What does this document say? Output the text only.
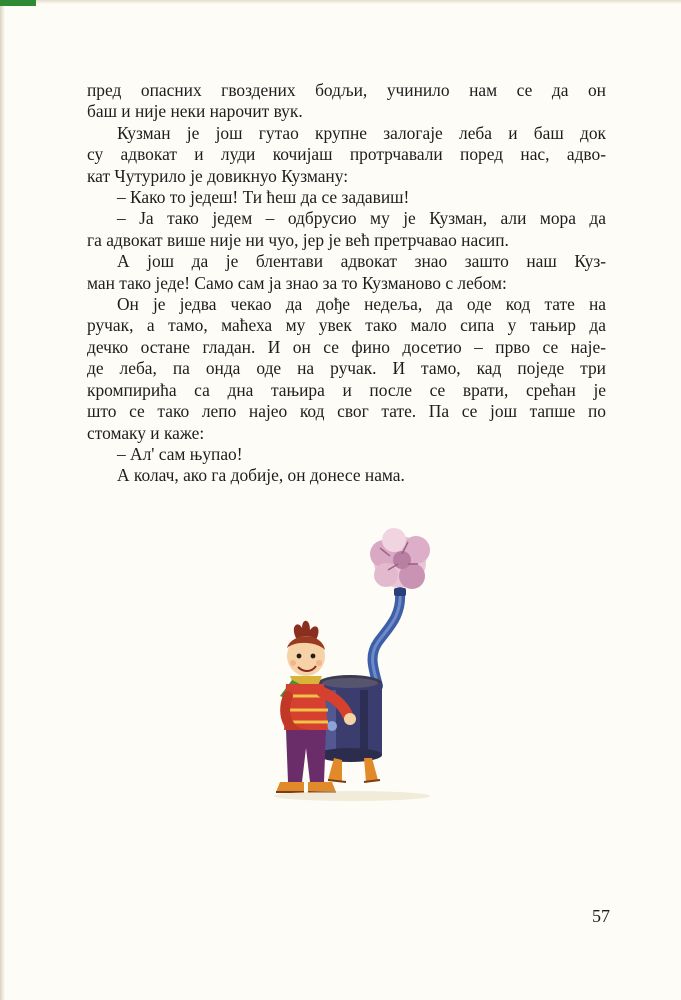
пред опасних гвоздених бодљи, учинило нам се да он
баш и није неки нарочит вук.
Кузман је још гутао крупне залогаје леба и баш док
су адвокат и луди кочијаш протрчавали поред нас, адво-
кат Чутурило је довикнуо Кузману:
– Како то једеш! Ти ћеш да се задавиш!
– Ја тако једем – одбрусио му је Кузман, али мора да
га адвокат више није ни чуо, јер је већ претрчавао насип.
А још да је блентави адвокат знао зашто наш Куз-
ман тако једе! Само сам ја знао за то Кузманово с лебом:
Он је једва чекао да дође недеља, да оде код тате на
ручак, а тамо, маћеха му увек тако мало сипа у тањир да
дечко остане гладан. И он се фино досетио – прво се наје-
де леба, па онда оде на ручак. И тамо, кад поједе три
кромпирића са дна тањира и после се врати, срећан је
што се тако лепо најео код свог тате. Па се још тапше по
стомаку и каже:
– Ал' сам њупао!
А колач, ако га добије, он донесе нама.
57
